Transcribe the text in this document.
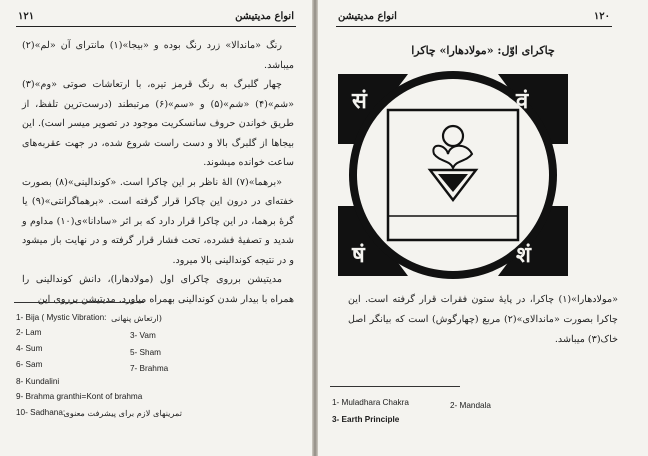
۱۲۱	انواع مدیتیشن

رنگ «ماندالا» زرد رنگ بوده و «بیجا»(۱) مانترای آن «لم»(۲) میباشد.

چهار گلبرگ به رنگ قرمز تیره، با ارتعاشات صوتی «وم»(۳) «شم»(۴) «شم»(۵) و «سم»(۶) مرتبطند (درست‌ترین تلفظ، از طریق خواندن حروف سانسکریت موجود در تصویر میسر است). این بیجاها از گلبرگ بالا و دست راست شروع شده، در جهت عقربه‌های ساعت خوانده میشوند.

«برهما»(۷) الهٔ ناظر بر این چاکرا است. «کوندالینی»(۸) بصورت خفته‌ای در درون این چاکرا قرار گرفته است. «برهماگرانتی»(۹) یا گرهٔ برهما، در این چاکرا قرار دارد که بر اثر «سادانا»ی(۱۰) مداوم و شدید و تصفیهٔ فشرده، تحت فشار قرار گرفته و در نهایت باز میشود و در نتیجه کوندالینی بالا میرود.

مدیتیشن برروی چاکرای اول (مولادهارا)، دانش کوندالینی را همراه با بیدار شدن کوندالینی بهمراه میاورد. مدیتیشن برروی این

1- Bija ( Mystic Vibration: (ارتعاش پنهانی
2- Lam	3- Vam
4- Sum	5- Sham
6- Sam	7- Brahma
8- Kundalini
9- Brahma granthi=Kont of brahma
10- Sadhana:
تمرینهای لازم برای پیشرفت معنوی
انواع مدیتیشن	۱۲۰
چاکرای اوّل: «مولادهارا» چاکرا
सं	वं
षं	शं

«مولادهارا»(۱) چاکرا، در پایهٔ ستون فقرات قرار گرفته است. این چاکرا بصورت «ماندالای»(۲) مربع (چهارگوش) است که بیانگر اصل خاک(۳) میباشد.

1- Muladhara Chakra	2- Mandala
3- Earth Principle
